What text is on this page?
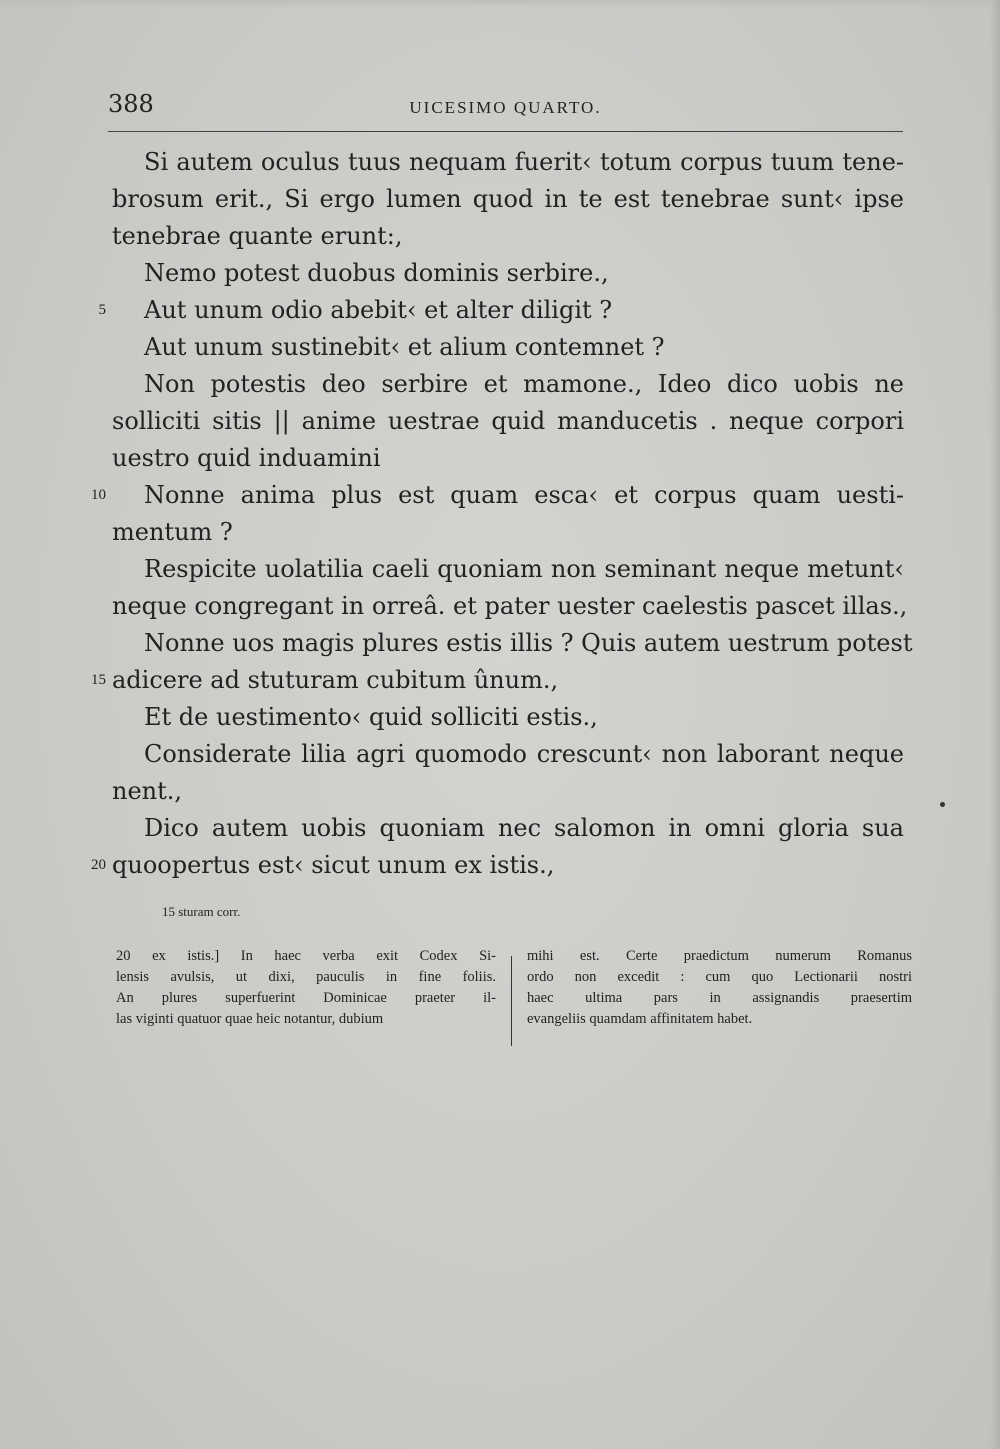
388	UICESIMO QUARTO.
Si autem oculus tuus nequam fuerit‹ totum corpus tuum tene-
brosum erit., Si ergo lumen quod in te est tenebrae sunt‹ ipse
tenebrae quante erunt:,
Nemo potest duobus dominis serbire.,
5 Aut unum odio abebit‹ et alter diligit ?
Aut unum sustinebit‹ et alium contemnet ?
Non potestis deo serbire et mamone., Ideo dico uobis ne
solliciti sitis || anime uestrae quid manducetis . neque corpori
uestro quid induamini
10 Nonne anima plus est quam esca‹ et corpus quam uesti-
mentum ?
Respicite uolatilia caeli quoniam non seminant neque metunt‹
neque congregant in orreâ. et pater uester caelestis pascet illas.,
Nonne uos magis plures estis illis ? Quis autem uestrum potest
15 adicere ad stuturam cubitum ûnum.,
Et de uestimento‹ quid solliciti estis.,
Considerate lilia agri quomodo crescunt‹ non laborant neque
nent.,
Dico autem uobis quoniam nec salomon in omni gloria sua
20 quoopertus est‹ sicut unum ex istis.,
15 sturam corr.
20 ex istis.] In haec verba exit Codex Si-
lensis avulsis, ut dixi, pauculis in fine foliis.
An plures superfuerint Dominicae praeter il-
las viginti quatuor quae heic notantur, dubium
mihi est. Certe praedictum numerum Romanus
ordo non excedit : cum quo Lectionarii nostri
haec ultima pars in assignandis praesertim
evangeliis quamdam affinitatem habet.
